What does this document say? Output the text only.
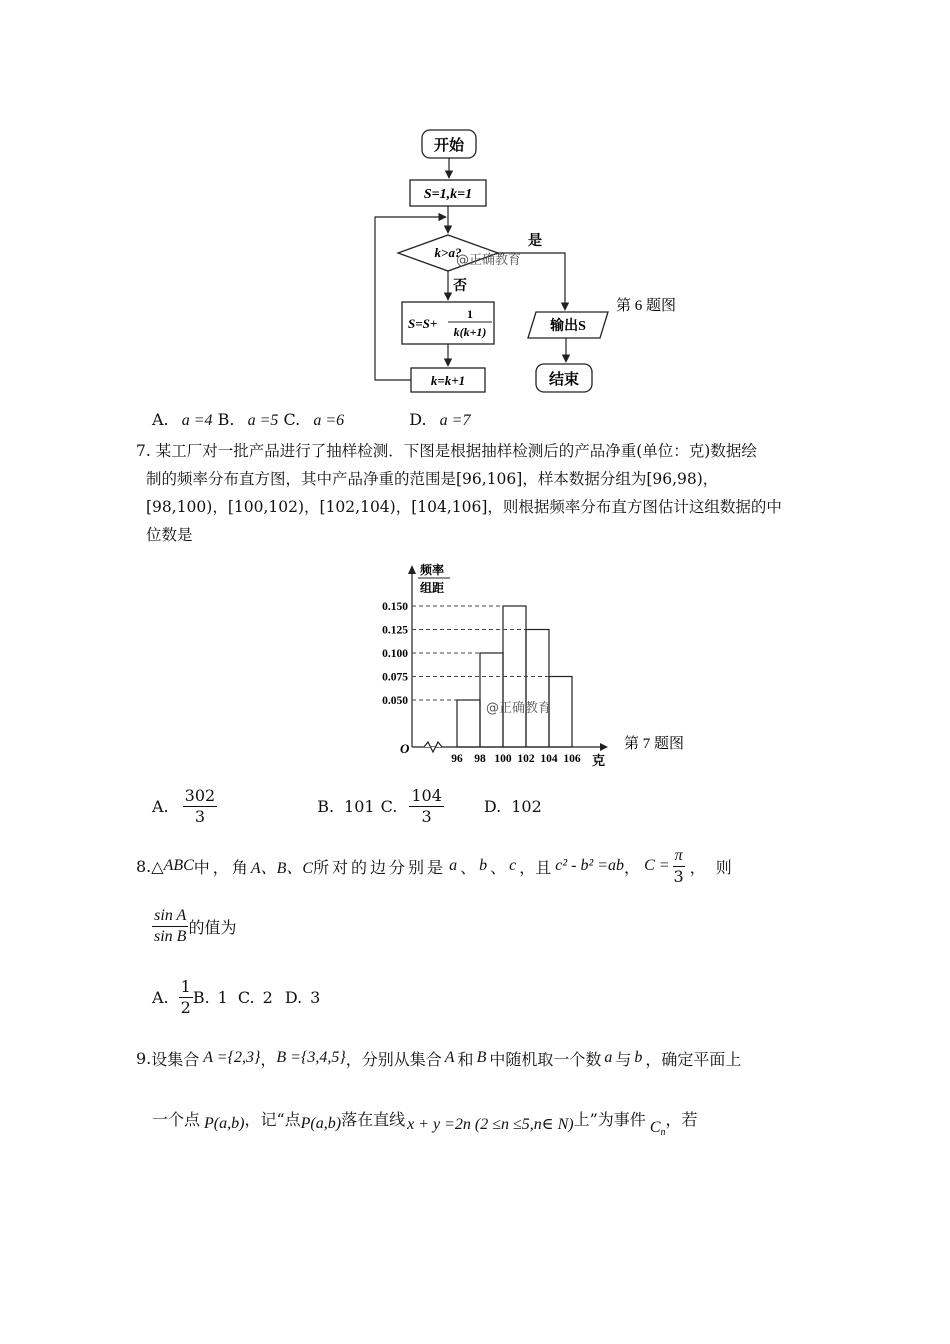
开始
S=1,k=1
k>a?
@正确教育
是
否
S=S+
1
k(k+1)
k=k+1
输出S
结束
第 6 题图
A. a =4 B. a =5 C. a =6	D. a =7
7. 某工厂对一批产品进行了抽样检测．下图是根据抽样检测后的产品净重(单位：克)数据绘
制的频率分布直方图，其中产品净重的范围是[96,106]，样本数据分组为[96,98)，
[98,100)，[100,102)，[102,104)，[104,106]，则根据频率分布直方图估计这组数据的中
位数是
频率
组距
0.150
0.125
0.100
0.075
0.050
96 98 100 102 104 106
O
克
@正确教育
第 7 题图
A. $\frac{302}{3}$	B. 101 C. $\frac{104}{3}$	D. 102
8. △ ABC 中，角 A、B、C 所对的边分别是 a 、 b 、 c ，且 c² - b² =ab ， $C = \frac{\pi}{3}$ ，则
$\frac{\text{sin A}}{\text{sin B}}$ 的值为
A. $\frac{1}{2} B$. 1 C. 2 D. 3
9. 设集合 A ={2,3} ， B ={3,4,5} ，分别从集合 A 和 B 中随机取一个数 a 与 b ，确定平面上
一个点 P(a,b) ，记“点 P(a,b) 落在直线 x + y =2n (2 ≤n ≤5,n∈ N) 上”为事件 $C_n$
，若
